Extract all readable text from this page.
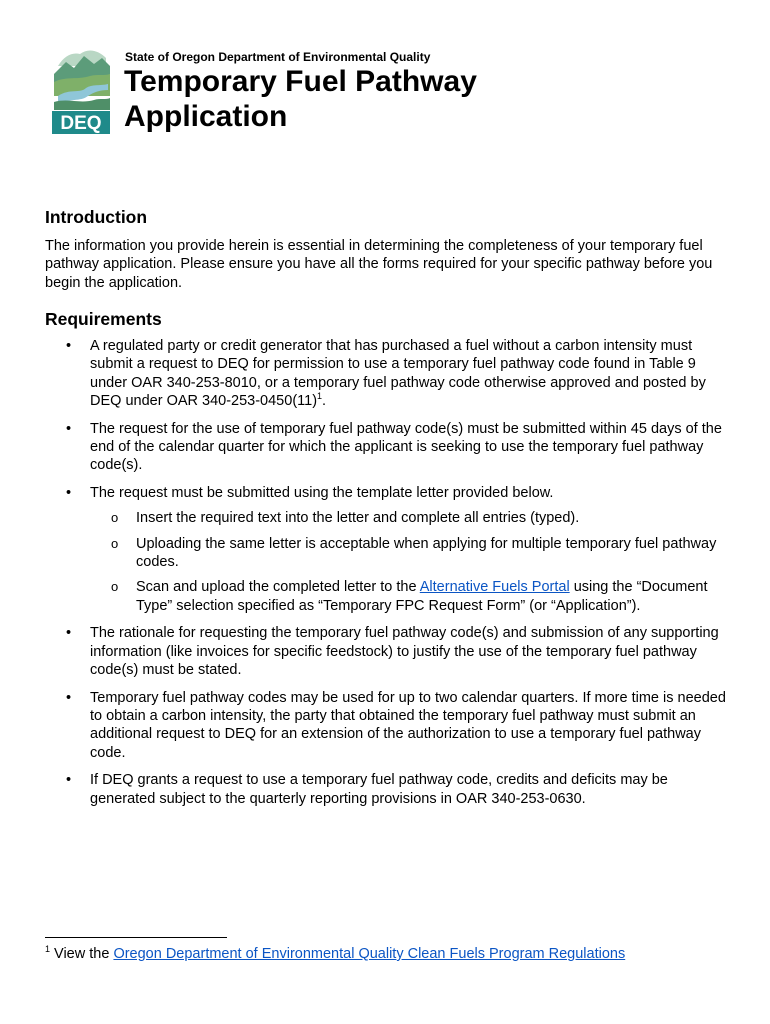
DEQ
State of Oregon Department of Environmental Quality
Temporary Fuel Pathway
Application
Introduction

The information you provide herein is essential in determining the completeness of your temporary fuel pathway application. Please ensure you have all the forms required for your specific pathway before you begin the application.

Requirements
• A regulated party or credit generator that has purchased a fuel without a carbon intensity must submit a request to DEQ for permission to use a temporary fuel pathway code found in Table 9 under OAR 340-253-8010, or a temporary fuel pathway code otherwise approved and posted by DEQ under OAR $340-253-0450(11)^1$.
• The request for the use of temporary fuel pathway code(s) must be submitted within 45 days of the end of the calendar quarter for which the applicant is seeking to use the temporary fuel pathway code(s).
• The request must be submitted using the template letter provided below.
o Insert the required text into the letter and complete all entries (typed).
o Uploading the same letter is acceptable when applying for multiple temporary fuel pathway codes.
o Scan and upload the completed letter to the Alternative Fuels Portal using the “Document Type” selection specified as “Temporary FPC Request Form” (or “Application”).
• The rationale for requesting the temporary fuel pathway code(s) and submission of any supporting information (like invoices for specific feedstock) to justify the use of the temporary fuel pathway code(s) must be stated.
• Temporary fuel pathway codes may be used for up to two calendar quarters. If more time is needed to obtain a carbon intensity, the party that obtained the temporary fuel pathway must submit an additional request to DEQ for an extension of the authorization to use a temporary fuel pathway code.
• If DEQ grants a request to use a temporary fuel pathway code, credits and deficits may be generated subject to the quarterly reporting provisions in OAR 340-253-0630.

$^1$ View the Oregon Department of Environmental Quality Clean Fuels Program Regulations
